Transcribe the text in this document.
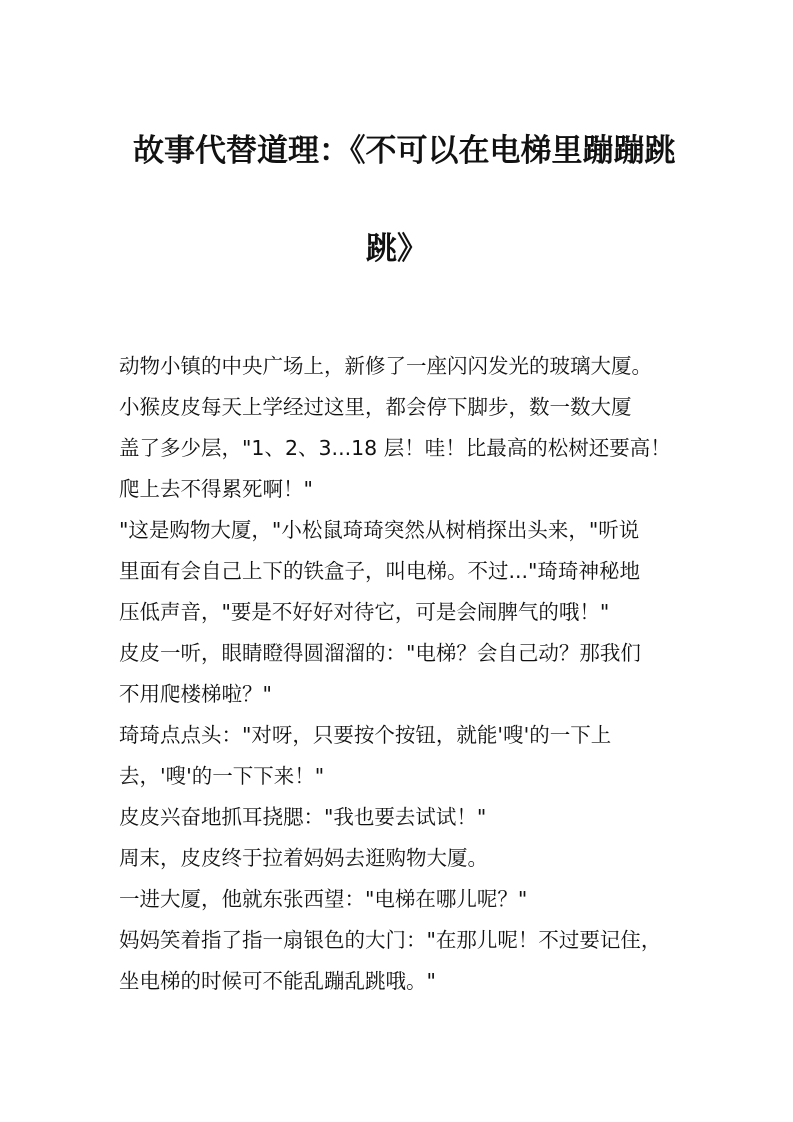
故事代替道理：《不可以在电梯里蹦蹦跳
跳》

动物小镇的中央广场上，新修了一座闪闪发光的玻璃大厦。

小猴皮皮每天上学经过这里，都会停下脚步，数一数大厦

盖了多少层，"1、2、3...18 层！哇！比最高的松树还要高！

爬上去不得累死啊！"

"这是购物大厦，"小松鼠琦琦突然从树梢探出头来，"听说

里面有会自己上下的铁盒子，叫电梯。不过..."琦琦神秘地

压低声音，"要是不好好对待它，可是会闹脾气的哦！"

皮皮一听，眼睛瞪得圆溜溜的："电梯？会自己动？那我们

不用爬楼梯啦？"

琦琦点点头："对呀，只要按个按钮，就能'嗖'的一下上

去，'嗖'的一下下来！"

皮皮兴奋地抓耳挠腮："我也要去试试！"

周末，皮皮终于拉着妈妈去逛购物大厦。

一进大厦，他就东张西望："电梯在哪儿呢？"

妈妈笑着指了指一扇银色的大门："在那儿呢！不过要记住，

坐电梯的时候可不能乱蹦乱跳哦。"
